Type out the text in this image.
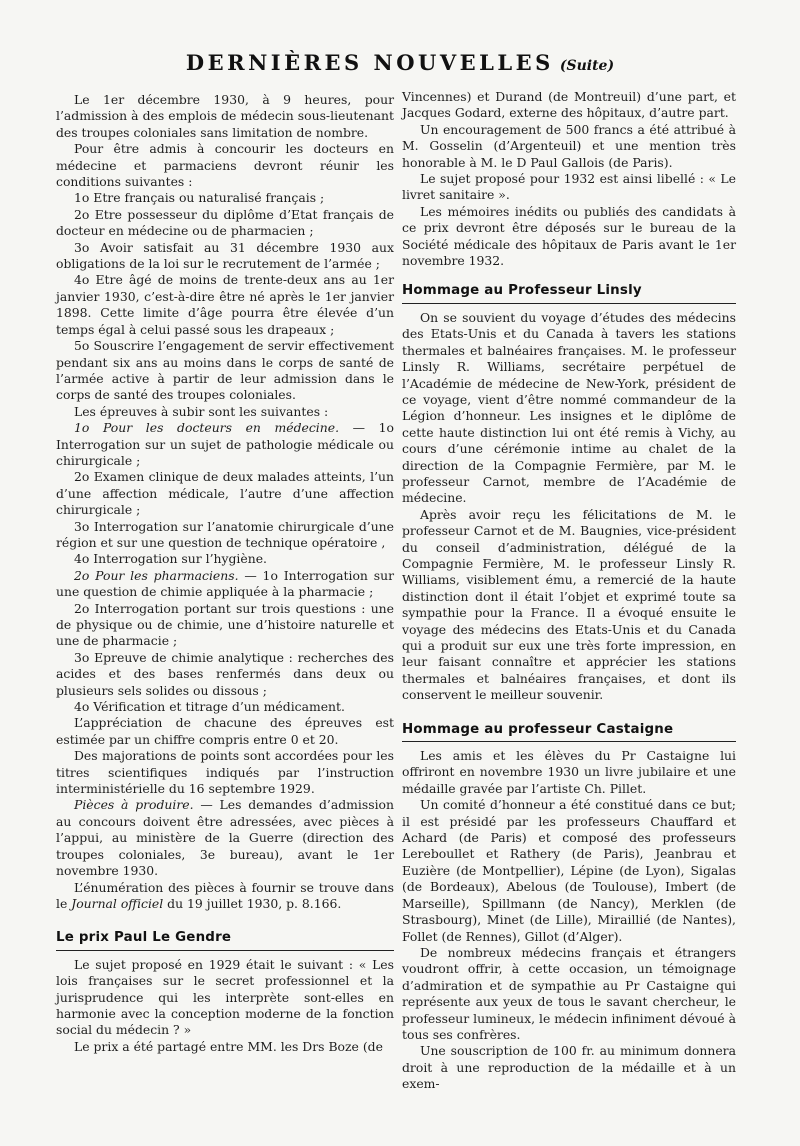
DERNIÈRES NOUVELLES (Suite)

Le 1er décembre 1930, à 9 heures, pour l’admission à des emplois de médecin sous-lieutenant des troupes coloniales sans limitation de nombre.

Pour être admis à concourir les docteurs en médecine et parmaciens devront réunir les conditions suivantes :

1o Etre français ou naturalisé français ;

2o Etre possesseur du diplôme d’Etat français de docteur en médecine ou de pharmacien ;

3o Avoir satisfait au 31 décembre 1930 aux obligations de la loi sur le recrutement de l’armée ;

4o Etre âgé de moins de trente-deux ans au 1er janvier 1930, c’est-à-dire être né après le 1er janvier 1898. Cette limite d’âge pourra être élevée d’un temps égal à celui passé sous les drapeaux ;

5o Souscrire l’engagement de servir effectivement pendant six ans au moins dans le corps de santé de l’armée active à partir de leur admission dans le corps de santé des troupes coloniales.

Les épreuves à subir sont les suivantes :

1o Pour les docteurs en médecine. — 1o Interrogation sur un sujet de pathologie médicale ou chirurgicale ;

2o Examen clinique de deux malades atteints, l’un d’une affection médicale, l’autre d’une affection chirurgicale ;

3o Interrogation sur l’anatomie chirurgicale d’une région et sur une question de technique opératoire ,

4o Interrogation sur l’hygiène.

2o Pour les pharmaciens. — 1o Interrogation sur une question de chimie appliquée à la pharmacie ;

2o Interrogation portant sur trois questions : une de physique ou de chimie, une d’histoire naturelle et une de pharmacie ;

3o Epreuve de chimie analytique : recherches des acides et des bases renfermés dans deux ou plusieurs sels solides ou dissous ;

4o Vérification et titrage d’un médicament.

L’appréciation de chacune des épreuves est estimée par un chiffre compris entre 0 et 20.

Des majorations de points sont accordées pour les titres scientifiques indiqués par l’instruction interministérielle du 16 septembre 1929.

Pièces à produire. — Les demandes d’admission au concours doivent être adressées, avec pièces à l’appui, au ministère de la Guerre (direction des troupes coloniales, 3e bureau), avant le 1er novembre 1930.

L’énumération des pièces à fournir se trouve dans le Journal officiel du 19 juillet 1930, p. 8.166.

Le prix Paul Le Gendre

Le sujet proposé en 1929 était le suivant : « Les lois françaises sur le secret professionnel et la jurisprudence qui les interprète sont-elles en harmonie avec la conception moderne de la fonction social du médecin ? »

Le prix a été partagé entre MM. les Drs Boze (de

Vincennes) et Durand (de Montreuil) d’une part, et Jacques Godard, externe des hôpitaux, d’autre part.

Un encouragement de 500 francs a été attribué à M. Gosselin (d’Argenteuil) et une mention très honorable à M. le D Paul Gallois (de Paris).

Le sujet proposé pour 1932 est ainsi libellé : « Le livret sanitaire ».

Les mémoires inédits ou publiés des candidats à ce prix devront être déposés sur le bureau de la Société médicale des hôpitaux de Paris avant le 1er novembre 1932.

Hommage au Professeur Linsly

On se souvient du voyage d’études des médecins des Etats-Unis et du Canada à tavers les stations thermales et balnéaires françaises. M. le professeur Linsly R. Williams, secrétaire perpétuel de l’Académie de médecine de New-York, président de ce voyage, vient d’être nommé commandeur de la Légion d’honneur. Les insignes et le diplôme de cette haute distinction lui ont été remis à Vichy, au cours d’une cérémonie intime au chalet de la direction de la Compagnie Fermière, par M. le professeur Carnot, membre de l’Académie de médecine.

Après avoir reçu les félicitations de M. le professeur Carnot et de M. Baugnies, vice-président du conseil d’administration, délégué de la Compagnie Fermière, M. le professeur Linsly R. Williams, visiblement ému, a remercié de la haute distinction dont il était l’objet et exprimé toute sa sympathie pour la France. Il a évoqué ensuite le voyage des médecins des Etats-Unis et du Canada qui a produit sur eux une très forte impression, en leur faisant connaître et apprécier les stations thermales et balnéaires françaises, et dont ils conservent le meilleur souvenir.

Hommage au professeur Castaigne

Les amis et les élèves du Pr Castaigne lui offriront en novembre 1930 un livre jubilaire et une médaille gravée par l’artiste Ch. Pillet.

Un comité d’honneur a été constitué dans ce but; il est présidé par les professeurs Chauffard et Achard (de Paris) et composé des professeurs Lereboullet et Rathery (de Paris), Jeanbrau et Euzière (de Montpellier), Lépine (de Lyon), Sigalas (de Bordeaux), Abelous (de Toulouse), Imbert (de Marseille), Spillmann (de Nancy), Merklen (de Strasbourg), Minet (de Lille), Miraillié (de Nantes), Follet (de Rennes), Gillot (d’Alger).

De nombreux médecins français et étrangers voudront offrir, à cette occasion, un témoignage d’admiration et de sympathie au Pr Castaigne qui représente aux yeux de tous le savant chercheur, le professeur lumineux, le médecin infiniment dévoué à tous ses confrères.

Une souscription de 100 fr. au minimum donnera droit à une reproduction de la médaille et à un exem-
